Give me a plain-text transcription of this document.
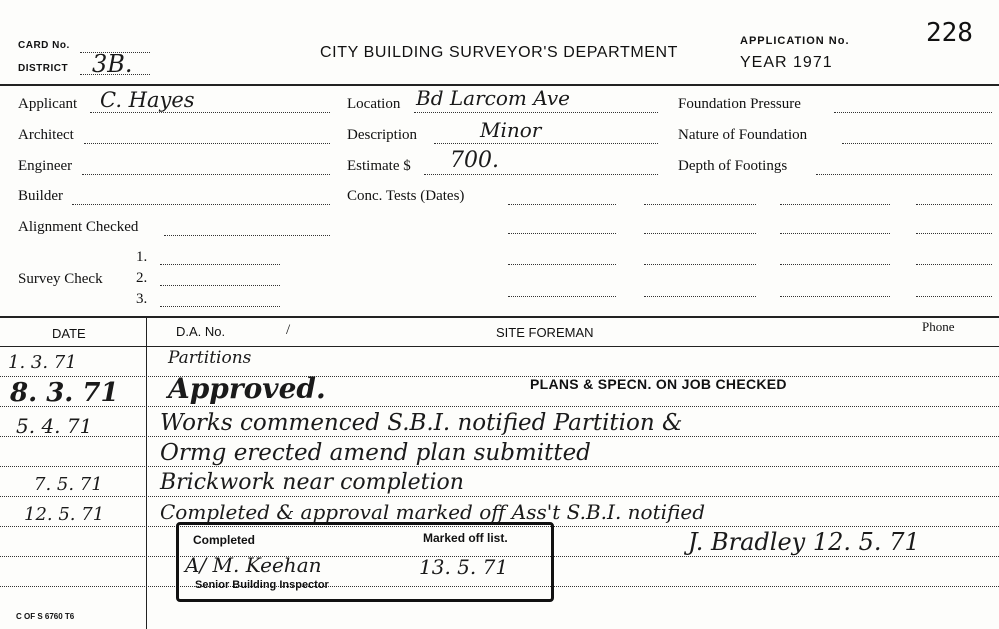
CARD No.
DISTRICT 3B.	CITY BUILDING SURVEYOR'S DEPARTMENT
APPLICATION No.	228
YEAR 1971
Applicant C. Hayes
Architect
Engineer
Builder
Alignment Checked
Survey Check
1.
2.
3.
Location Bd Larcom Ave
Description	Minor
Estimate $ 700.
Conc. Tests (Dates)
Foundation Pressure
Nature of Foundation
Depth of Footings
DATE	D.A. No.	/	SITE FOREMAN	Phone
1. 3. 71	Partitions
8. 3. 71 Approved.	PLANS & SPECN. ON JOB CHECKED
5. 4. 71	Works commenced S.B.I. notified Partition &
Ormg erected amend plan submitted
7. 5. 71	Brickwork near completion
12. 5. 71	Completed & approval marked off Ass't S.B.I. notified
J. Bradley 12. 5. 71
Completed	Marked off list.
A/ M. Keehan	13. 5. 71
Senior Building Inspector
C OF S 6760 T6
